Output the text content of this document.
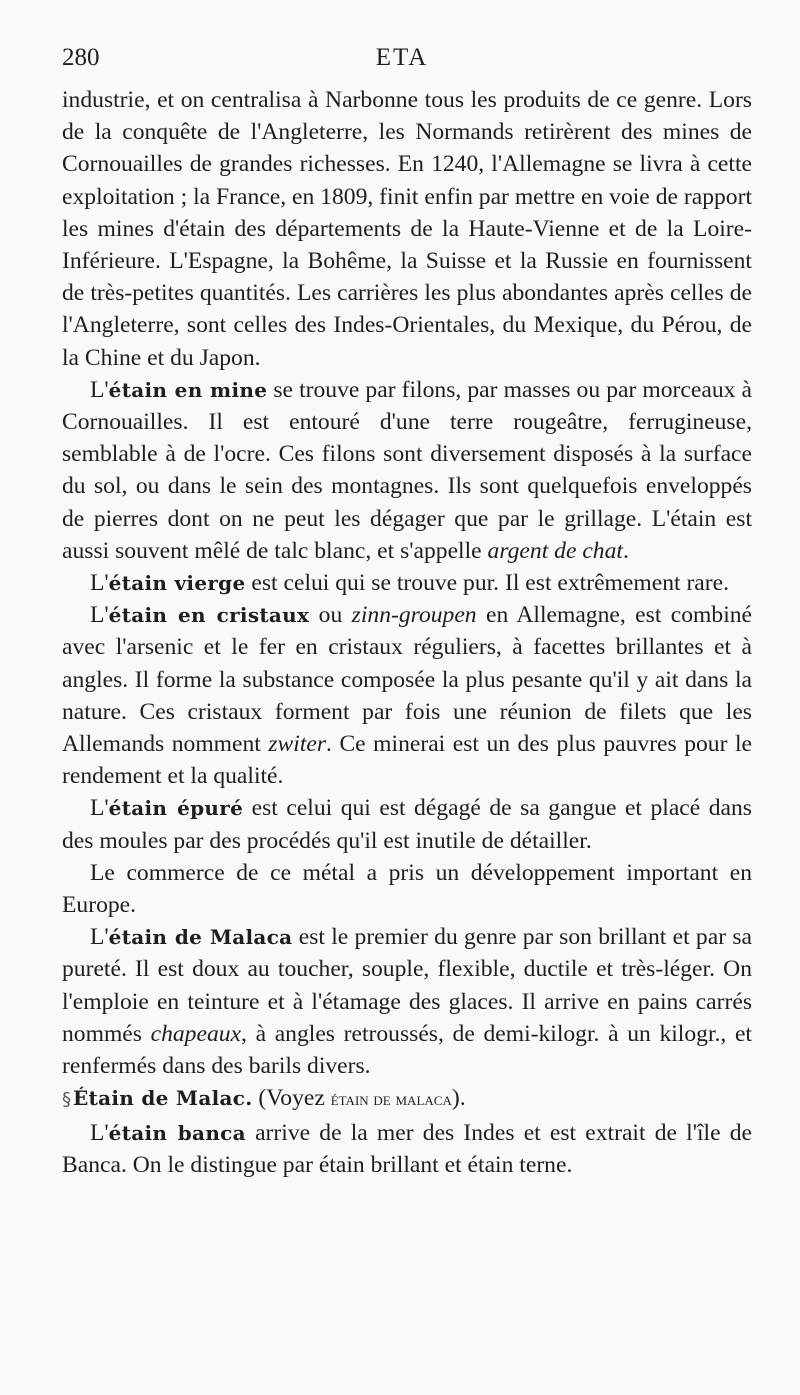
280	ETA

industrie, et on centralisa à Narbonne tous les produits de ce genre. Lors de la conquête de l'Angleterre, les Normands retirèrent des mines de Cornouailles de grandes richesses. En 1240, l'Allemagne se livra à cette exploitation ; la France, en 1809, finit enfin par mettre en voie de rapport les mines d'étain des départements de la Haute-Vienne et de la Loire-Inférieure. L'Espagne, la Bohême, la Suisse et la Russie en fournissent de très-petites quantités. Les carrières les plus abondantes après celles de l'Angleterre, sont celles des Indes-Orientales, du Mexique, du Pérou, de la Chine et du Japon.

L'étain en mine se trouve par filons, par masses ou par morceaux à Cornouailles. Il est entouré d'une terre rougeâtre, ferrugineuse, semblable à de l'ocre. Ces filons sont diversement disposés à la surface du sol, ou dans le sein des montagnes. Ils sont quelquefois enveloppés de pierres dont on ne peut les dégager que par le grillage. L'étain est aussi souvent mêlé de talc blanc, et s'appelle argent de chat.

L'étain vierge est celui qui se trouve pur. Il est extrêmement rare.

L'étain en cristaux ou zinn-groupen en Allemagne, est combiné avec l'arsenic et le fer en cristaux réguliers, à facettes brillantes et à angles. Il forme la substance composée la plus pesante qu'il y ait dans la nature. Ces cristaux forment par fois une réunion de filets que les Allemands nomment zwiter. Ce minerai est un des plus pauvres pour le rendement et la qualité.

L'étain épuré est celui qui est dégagé de sa gangue et placé dans des moules par des procédés qu'il est inutile de détailler.

Le commerce de ce métal a pris un développement important en Europe.

L'étain de Malaca est le premier du genre par son brillant et par sa pureté. Il est doux au toucher, souple, flexible, ductile et très-léger. On l'emploie en teinture et à l'étamage des glaces. Il arrive en pains carrés nommés chapeaux, à angles retroussés, de demi-kilogr. à un kilogr., et renfermés dans des barils divers.

§ Étain de Malac. (Voyez étain de malaca).

L'étain banca arrive de la mer des Indes et est extrait de l'île de Banca. On le distingue par étain brillant et étain terne.
